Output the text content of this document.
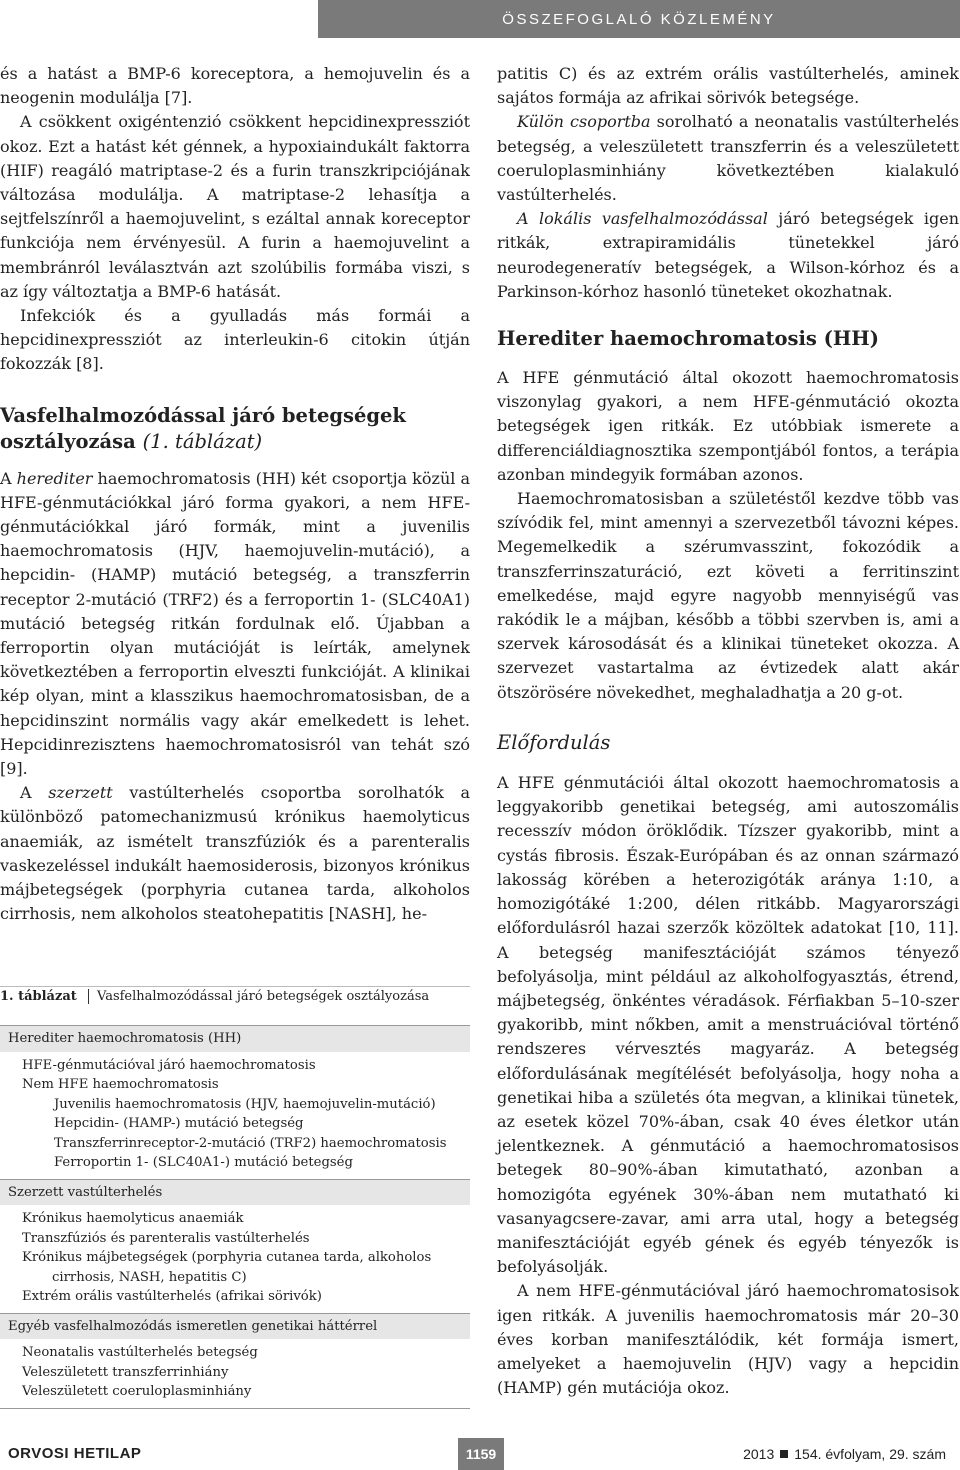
ÖSSZEFOGLALÓ KÖZLEMÉNY

és a hatást a BMP-6 koreceptora, a hemojuvelin és a neogenin modulálja [7].

A csökkent oxigéntenzió csökkent hepcidinexpressziót okoz. Ezt a hatást két génnek, a hypoxiaindukált faktorra (HIF) reagáló matriptase-2 és a furin transzkripciójának változása modulálja. A matriptase-2 lehasítja a sejtfelszínről a haemojuvelint, s ezáltal annak koreceptor funkciója nem érvényesül. A furin a haemojuvelint a membránról leválasztván azt szolúbilis formába viszi, s az így változtatja a BMP-6 hatását.

Infekciók és a gyulladás más formái a hepcidinexpressziót az interleukin-6 citokin útján fokozzák [8].

Vasfelhalmozódással járó betegségek osztályozása (1. táblázat)

A herediter haemochromatosis (HH) két csoportja közül a HFE-génmutációkkal járó forma gyakori, a nem HFE-génmutációkkal járó formák, mint a juvenilis haemochromatosis (HJV, haemojuvelin-mutáció), a hepcidin- (HAMP) mutáció betegség, a transzferrin receptor 2-mutáció (TRF2) és a ferroportin 1- (SLC40A1) mutáció betegség ritkán fordulnak elő. Újabban a ferroportin olyan mutációját is leírták, amelynek következtében a ferroportin elveszti funkcióját. A klinikai kép olyan, mint a klasszikus haemochromatosisban, de a hepcidinszint normális vagy akár emelkedett is lehet. Hepcidinrezisztens haemochromatosisról van tehát szó [9].

A szerzett vastúlterhelés csoportba sorolhatók a különböző patomechanizmusú krónikus haemolyticus anaemiák, az ismételt transzfúziók és a parenteralis vaskezeléssel indukált haemosiderosis, bizonyos krónikus májbetegségek (porphyria cutanea tarda, alkoholos cirrhosis, nem alkoholos steatohepatitis [NASH], he-

1. táblázat	Vasfelhalmozódással járó betegségek osztályozása
Herediter haemochromatosis (HH)
HFE-génmutációval járó haemochromatosis
Nem HFE haemochromatosis
Juvenilis haemochromatosis (HJV, haemojuvelin-mutáció)
Hepcidin- (HAMP-) mutáció betegség
Transzferrinreceptor-2-mutáció (TRF2) haemochromatosis
Ferroportin 1- (SLC40A1-) mutáció betegség
Szerzett vastúlterhelés
Krónikus haemolyticus anaemiák
Transzfúziós és parenteralis vastúlterhelés
Krónikus májbetegségek (porphyria cutanea tarda, alkoholos
cirrhosis, NASH, hepatitis C)
Extrém orális vastúlterhelés (afrikai sörivók)
Egyéb vasfelhalmozódás ismeretlen genetikai háttérrel
Neonatalis vastúlterhelés betegség
Veleszületett transzferrinhiány
Veleszületett coeruloplasminhiány

patitis C) és az extrém orális vastúlterhelés, aminek sajátos formája az afrikai sörivók betegsége.

Külön csoportba sorolható a neonatalis vastúlterhelés betegség, a veleszületett transzferrin és a veleszületett coeruloplasminhiány következtében kialakuló vastúlterhelés.

A lokális vasfelhalmozódással járó betegségek igen ritkák, extrapiramidális tünetekkel járó neurodegeneratív betegségek, a Wilson-kórhoz és a Parkinson-kórhoz hasonló tüneteket okozhatnak.

Herediter haemochromatosis (HH)

A HFE génmutáció által okozott haemochromatosis viszonylag gyakori, a nem HFE-génmutáció okozta betegségek igen ritkák. Ez utóbbiak ismerete a differenciáldiagnosztika szempontjából fontos, a terápia azonban mindegyik formában azonos.

Haemochromatosisban a születéstől kezdve több vas szívódik fel, mint amennyi a szervezetből távozni képes. Megemelkedik a szérumvasszint, fokozódik a transzferrinszaturáció, ezt követi a ferritinszint emelkedése, majd egyre nagyobb mennyiségű vas rakódik le a májban, később a többi szervben is, ami a szervek károsodását és a klinikai tüneteket okozza. A szervezet vastartalma az évtizedek alatt akár ötszörösére növekedhet, meghaladhatja a 20 g-ot.

Előfordulás

A HFE génmutációi által okozott haemochromatosis a leggyakoribb genetikai betegség, ami autoszomális recesszív módon öröklődik. Tízszer gyakoribb, mint a cystás fibrosis. Észak-Európában és az onnan származó lakosság körében a heterozigóták aránya 1:10, a homozigótáké 1:200, délen ritkább. Magyarországi előfordulásról hazai szerzők közöltek adatokat [10, 11]. A betegség manifesztációját számos tényező befolyásolja, mint például az alkoholfogyasztás, étrend, májbetegség, önkéntes véradások. Férfiakban 5–10-szer gyakoribb, mint nőkben, amit a menstruációval történő rendszeres vérvesztés magyaráz. A betegség előfordulásának megítélését befolyásolja, hogy noha a genetikai hiba a születés óta megvan, a klinikai tünetek, az esetek közel 70%-ában, csak 40 éves életkor után jelentkeznek. A génmutáció a haemochromatosisos betegek 80–90%-ában kimutatható, azonban a homozigóta egyének 30%-ában nem mutatható ki vasanyagcsere-zavar, ami arra utal, hogy a betegség manifesztációját egyéb gének és egyéb tényezők is befolyásolják.

A nem HFE-génmutációval járó haemochromatosisok igen ritkák. A juvenilis haemochromatosis már 20–30 éves korban manifesztálódik, két formája ismert, amelyeket a haemojuvelin (HJV) vagy a hepcidin (HAMP) gén mutációja okoz.

ORVOSI HETILAP	1159	2013 154. évfolyam, 29. szám
